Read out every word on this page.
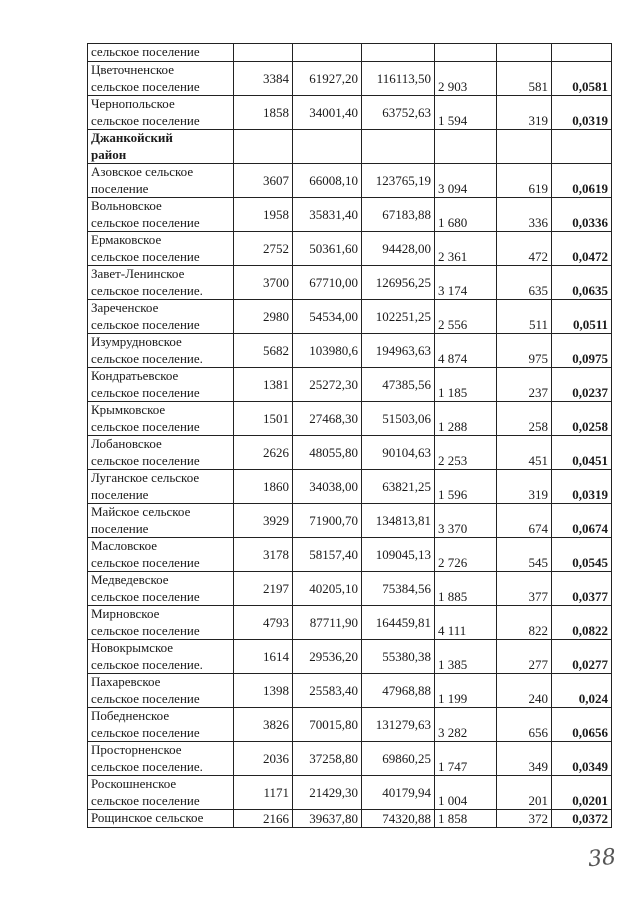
сельское поселение						

Цветочненское
сельское поселение	3384	61927,20	116113,50	2 903	581	0,0581

Чернопольское
сельское поселение	1858	34001,40	63752,63	1 594	319	0,0319

Джанкойский
район						

Азовское сельское
поселение	3607	66008,10	123765,19	3 094	619	0,0619

Вольновское
сельское поселение	1958	35831,40	67183,88	1 680	336	0,0336

Ермаковское
сельское поселение	2752	50361,60	94428,00	2 361	472	0,0472

Завет-Ленинское
сельское поселение.	3700	67710,00	126956,25	3 174	635	0,0635

Зареченское
сельское поселение	2980	54534,00	102251,25	2 556	511	0,0511

Изумрудновское
сельское поселение.	5682	103980,6	194963,63	4 874	975	0,0975

Кондратьевское
сельское поселение	1381	25272,30	47385,56	1 185	237	0,0237

Крымковское
сельское поселение	1501	27468,30	51503,06	1 288	258	0,0258

Лобановское
сельское поселение	2626	48055,80	90104,63	2 253	451	0,0451

Луганское сельское
поселение	1860	34038,00	63821,25	1 596	319	0,0319

Майское сельское
поселение	3929	71900,70	134813,81	3 370	674	0,0674

Масловское
сельское поселение	3178	58157,40	109045,13	2 726	545	0,0545

Медведевское
сельское поселение	2197	40205,10	75384,56	1 885	377	0,0377

Мирновское
сельское поселение	4793	87711,90	164459,81	4 111	822	0,0822

Новокрымское
сельское поселение.	1614	29536,20	55380,38	1 385	277	0,0277

Пахаревское
сельское поселение	1398	25583,40	47968,88	1 199	240	0,024

Победненское
сельское поселение	3826	70015,80	131279,63	3 282	656	0,0656

Просторненское
сельское поселение.	2036	37258,80	69860,25	1 747	349	0,0349

Роскошненское
сельское поселение	1171	21429,30	40179,94	1 004	201	0,0201

Рощинское сельское	2166	39637,80	74320,88	1 858	372	0,0372
38
